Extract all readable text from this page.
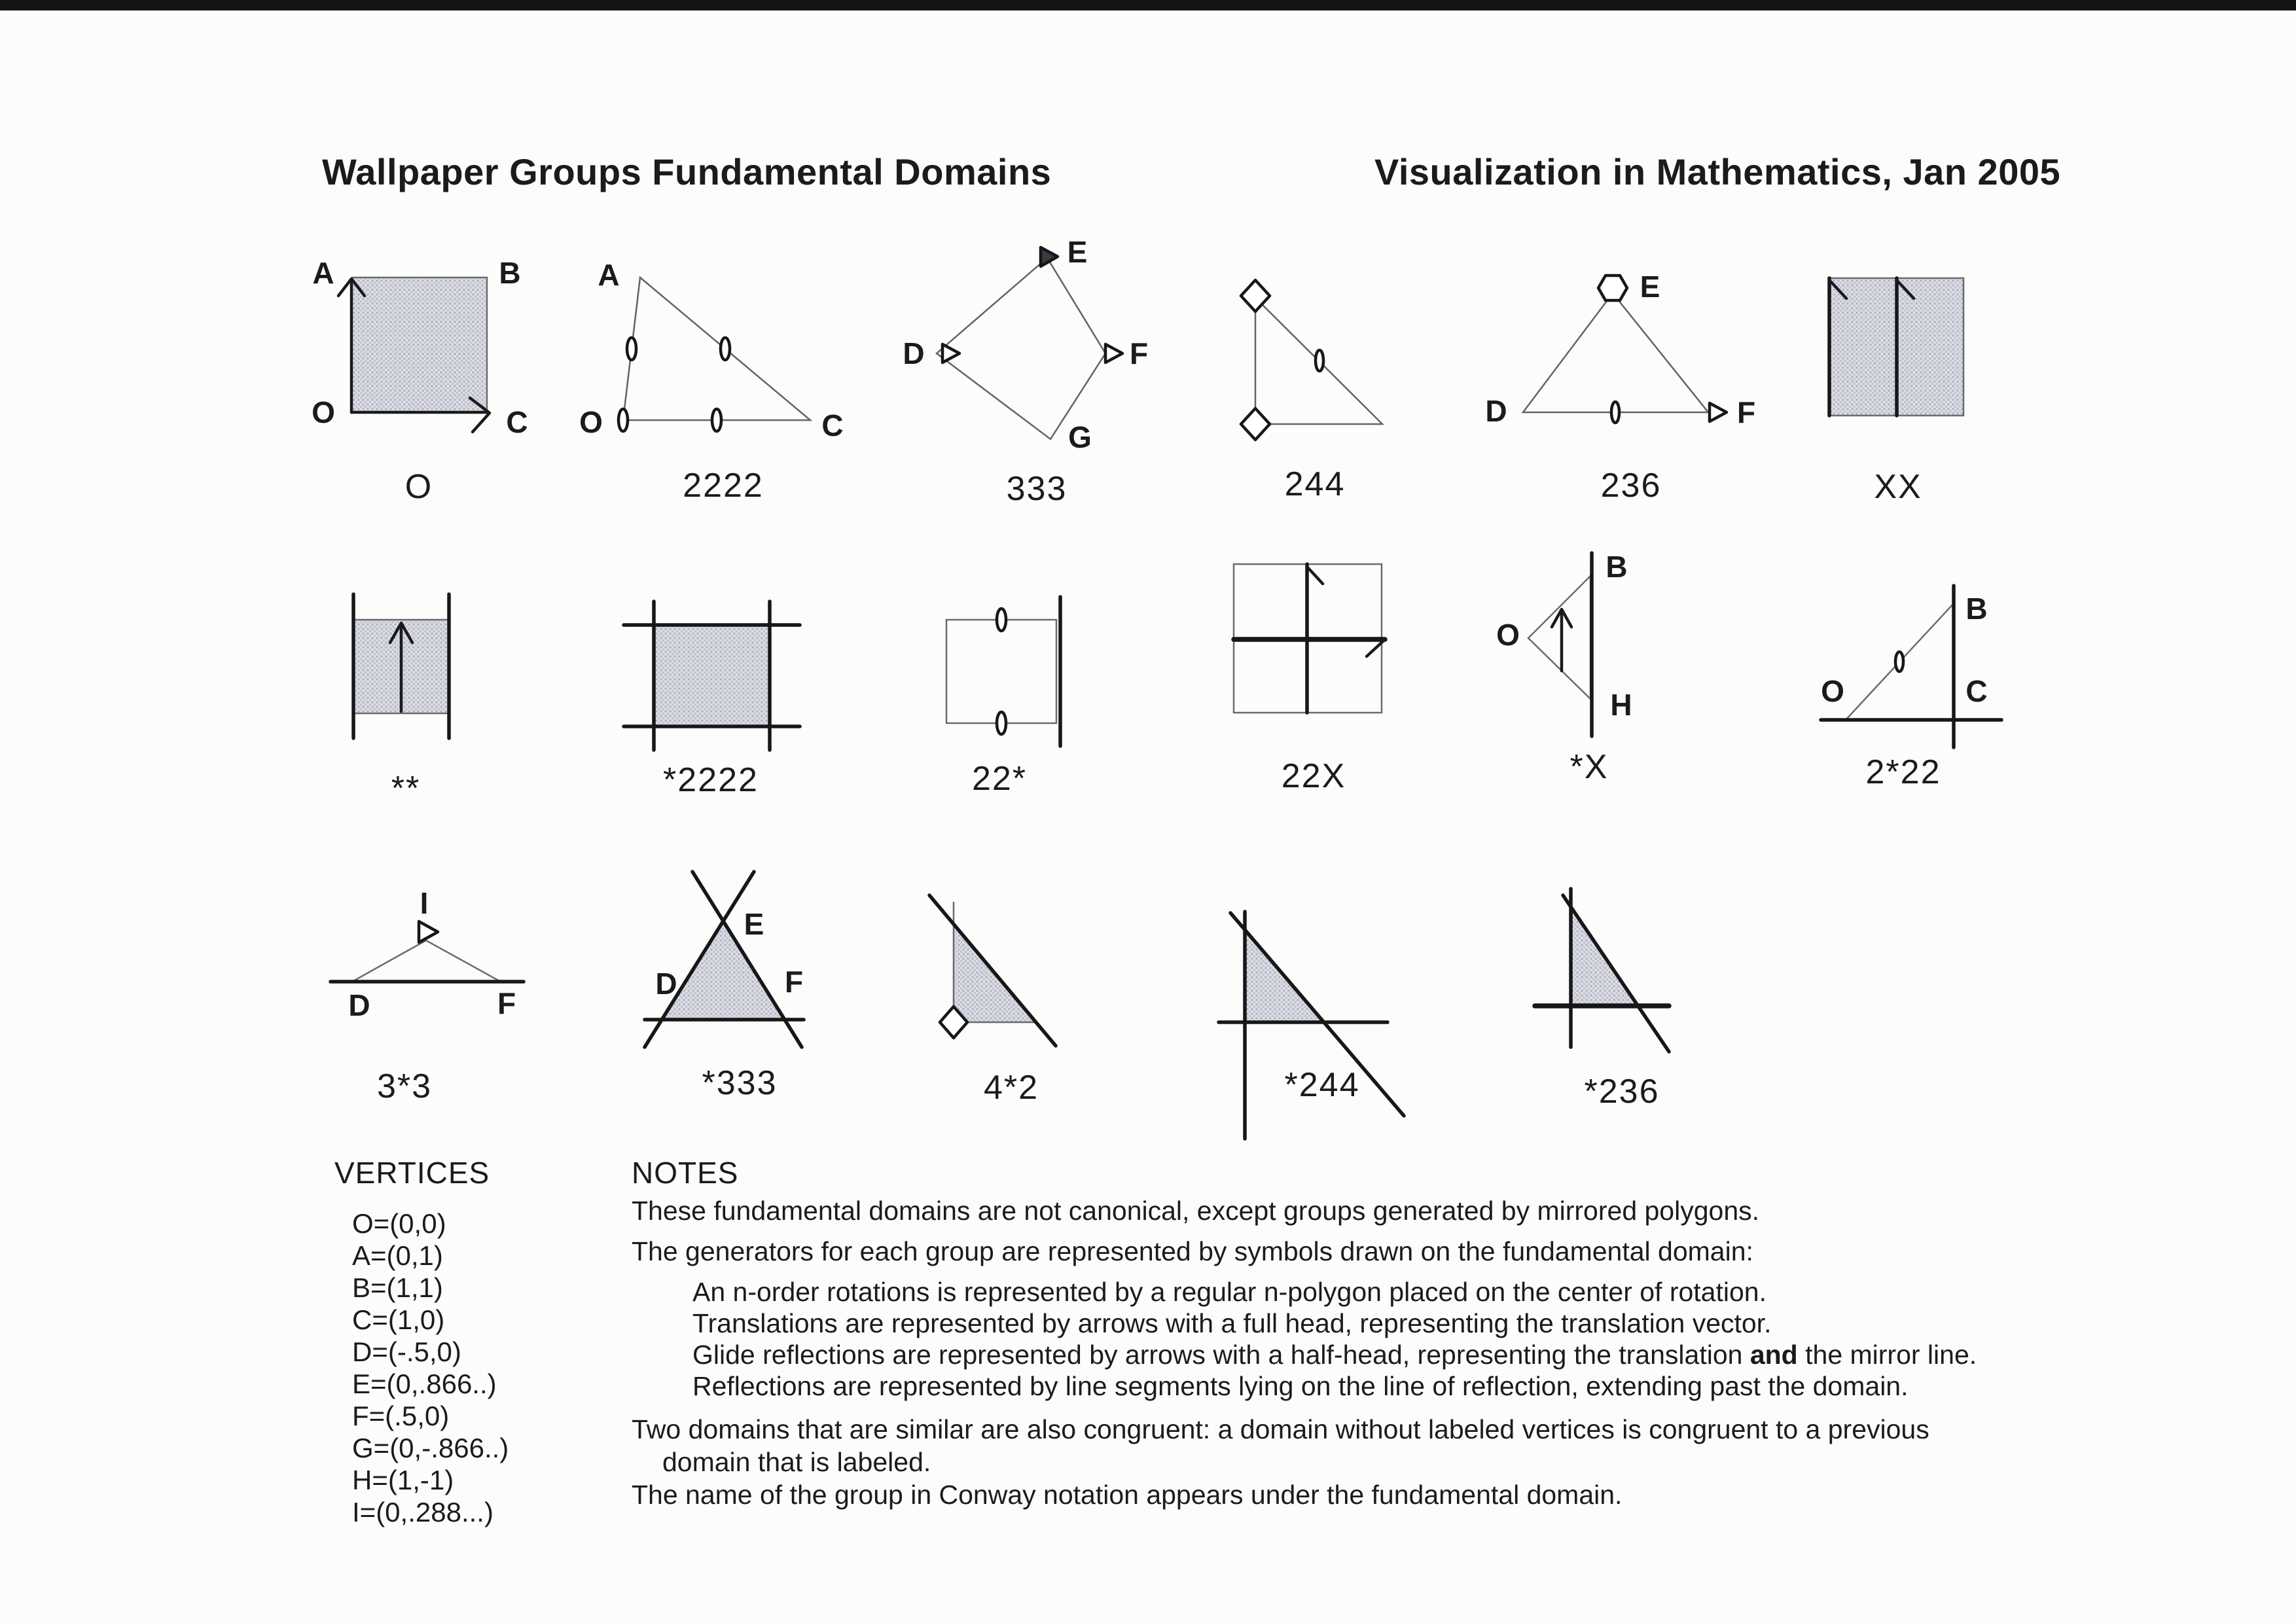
Wallpaper Groups Fundamental Domains	Visualization in Mathematics, Jan 2005
A	B
O	C
O
A
O	C
2222
E
D	F
G
333	244
E
D	F
236	XX
**	*2222	22*	22X
B
O
H
*X
B
O	C
2*22
I
D	F
3*3
E
D	F
*333	4*2	*244	*236
VERTICES
O=(0,0)
A=(0,1)
B=(1,1)
C=(1,0)
D=(-.5,0)
E=(0,.866..)
F=(.5,0)
G=(0,-.866..)
H=(1,-1)
I=(0,.288...)
NOTES
These fundamental domains are not canonical, except groups generated by mirrored polygons.
The generators for each group are represented by symbols drawn on the fundamental domain:
An n-order rotations is represented by a regular n-polygon placed on the center of rotation.
Translations are represented by arrows with a full head, representing the translation vector.
Glide reflections are represented by arrows with a half-head, representing the translation and the mirror line.
Reflections are represented by line segments lying on the line of reflection, extending past the domain.
Two domains that are similar are also congruent: a domain without labeled vertices is congruent to a previous
domain that is labeled.
The name of the group in Conway notation appears under the fundamental domain.
